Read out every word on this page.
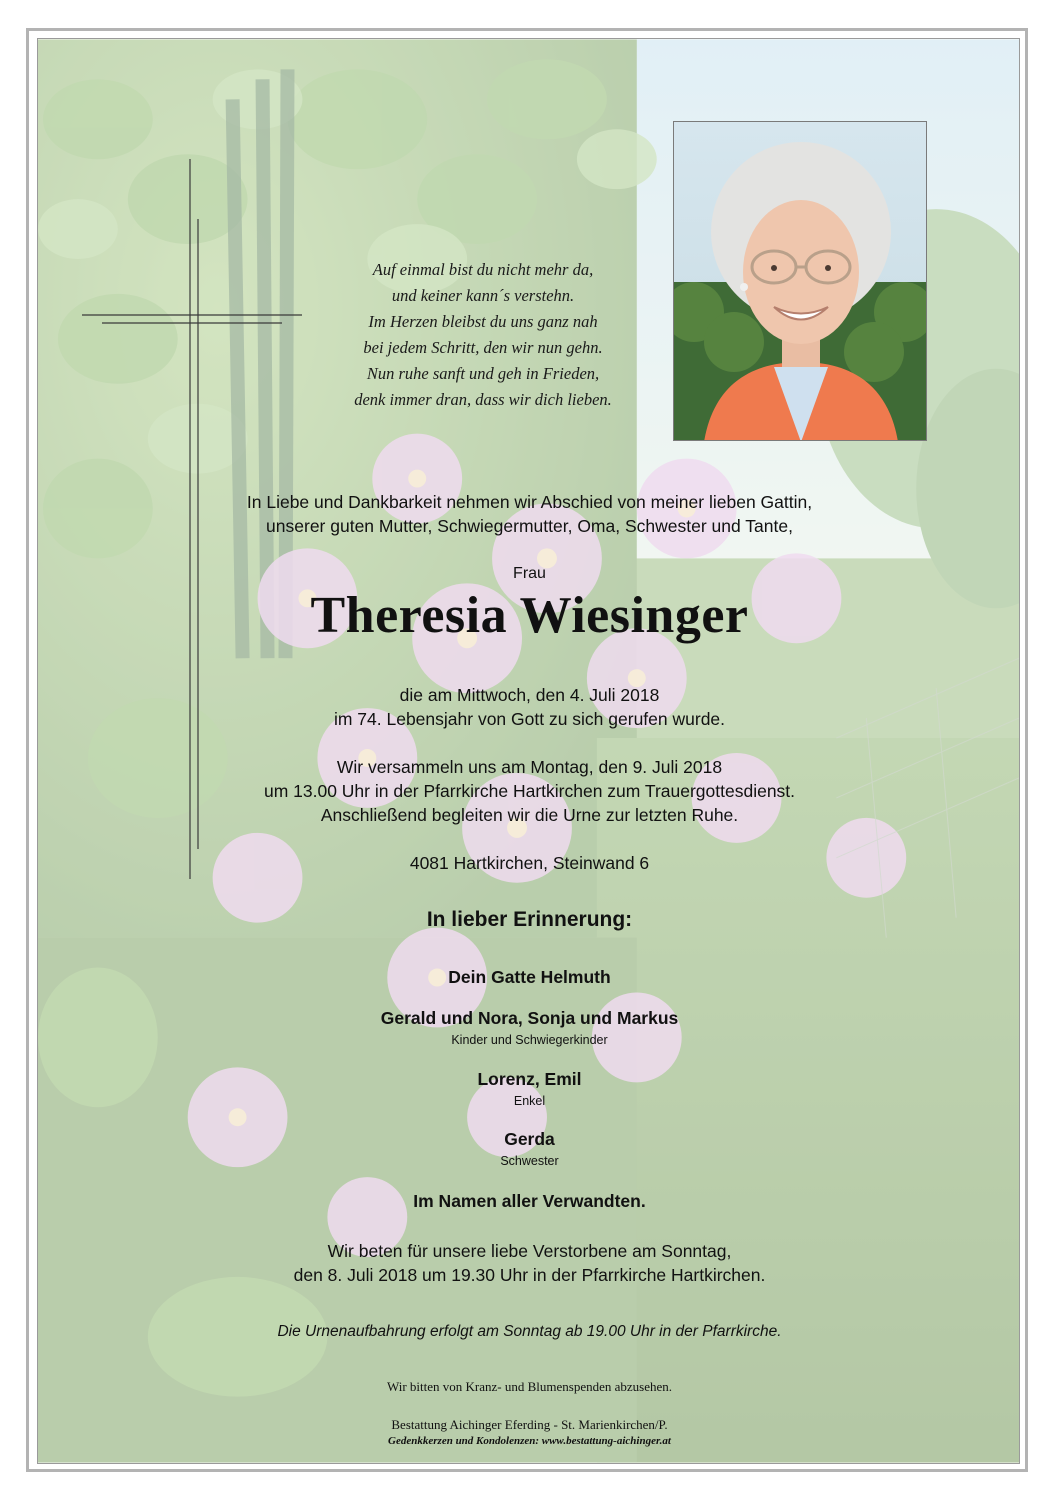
Auf einmal bist du nicht mehr da,
und keiner kann´s verstehn.
Im Herzen bleibst du uns ganz nah
bei jedem Schritt, den wir nun gehn.
Nun ruhe sanft und geh in Frieden,
denk immer dran, dass wir dich lieben.
In Liebe und Dankbarkeit nehmen wir Abschied von meiner lieben Gattin,
unserer guten Mutter, Schwiegermutter, Oma, Schwester und Tante,
Frau
Theresia Wiesinger
die am Mittwoch, den 4. Juli 2018
im 74. Lebensjahr von Gott zu sich gerufen wurde.
Wir versammeln uns am Montag, den 9. Juli 2018
um 13.00 Uhr in der Pfarrkirche Hartkirchen zum Trauergottesdienst.
Anschließend begleiten wir die Urne zur letzten Ruhe.
4081 Hartkirchen, Steinwand 6
In lieber Erinnerung:
Dein Gatte Helmuth
Gerald und Nora, Sonja und Markus
Kinder und Schwiegerkinder
Lorenz, Emil
Enkel
Gerda
Schwester
Im Namen aller Verwandten.
Wir beten für unsere liebe Verstorbene am Sonntag,
den 8. Juli 2018 um 19.30 Uhr in der Pfarrkirche Hartkirchen.
Die Urnenaufbahrung erfolgt am Sonntag ab 19.00 Uhr in der Pfarrkirche.
Wir bitten von Kranz- und Blumenspenden abzusehen.
Bestattung Aichinger Eferding - St. Marienkirchen/P.
Gedenkkerzen und Kondolenzen: www.bestattung-aichinger.at
